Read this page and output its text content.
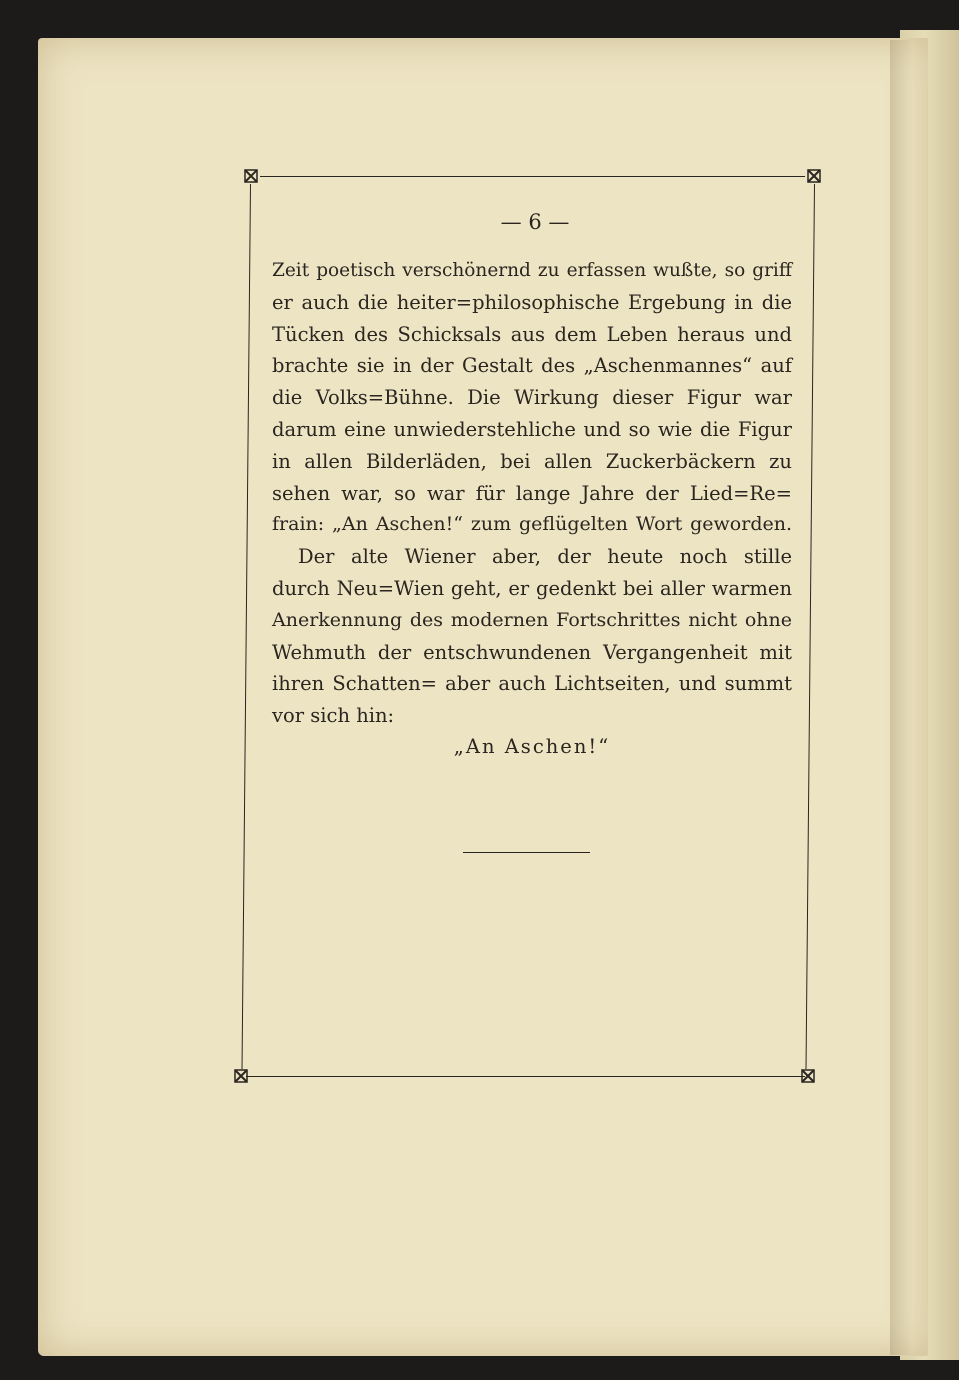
— 6 —
Zeit poetisch verschönernd zu erfassen wußte, so griff
er auch die heiter=philosophische Ergebung in die
Tücken des Schicksals aus dem Leben heraus und
brachte sie in der Gestalt des „Aschenmannes“ auf
die Volks=Bühne. Die Wirkung dieser Figur war
darum eine unwiederstehliche und so wie die Figur
in allen Bilderläden, bei allen Zuckerbäckern zu
sehen war, so war für lange Jahre der Lied=Re=
frain: „An Aschen!“ zum geflügelten Wort geworden.
Der alte Wiener aber, der heute noch stille
durch Neu=Wien geht, er gedenkt bei aller warmen
Anerkennung des modernen Fortschrittes nicht ohne
Wehmuth der entschwundenen Vergangenheit mit
ihren Schatten= aber auch Lichtseiten, und summt
vor sich hin:
„An Aschen!“
